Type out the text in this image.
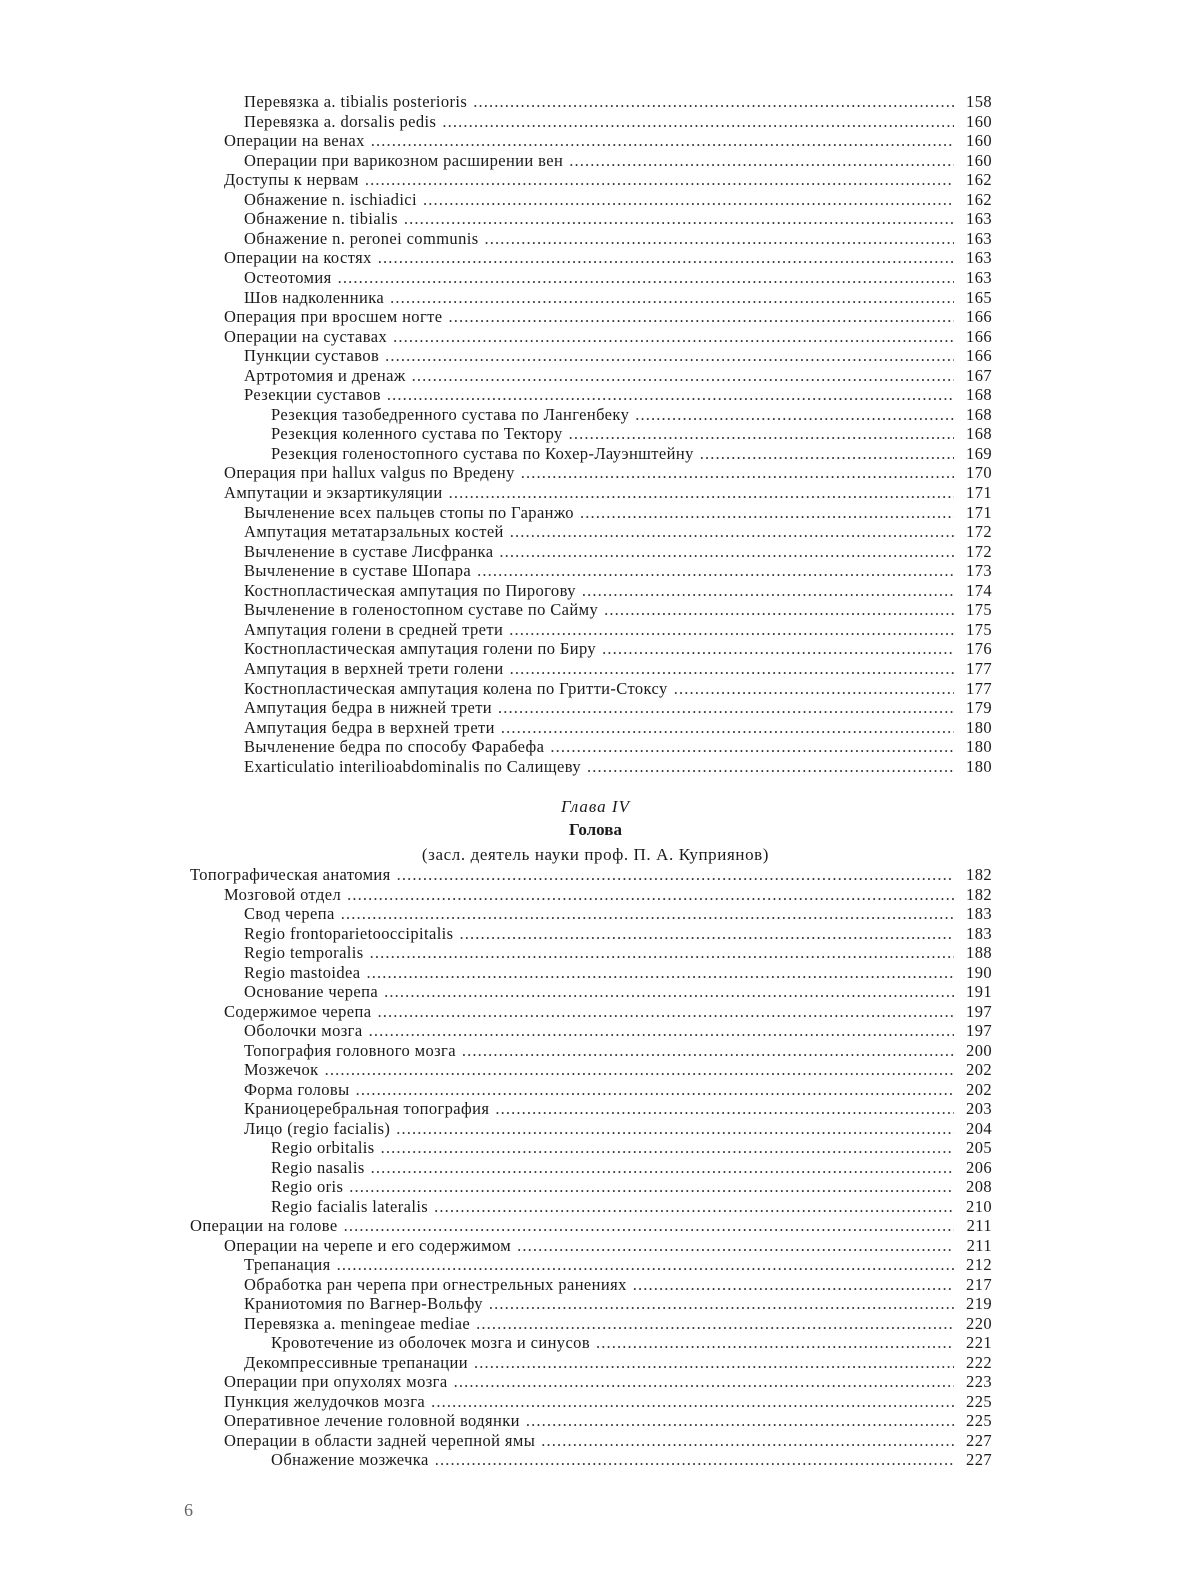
Перевязка a. tibialis posterioris . . .	158
Перевязка a. dorsalis pedis . . .	160
Операции на венах . . .	160
Операции при варикозном расширении вен . . .	160
Доступы к нервам . . .	162
Обнажение n. ischiadici . . .	162
Обнажение n. tibialis . . .	163
Обнажение n. peronei communis . . .	163
Операции на костях . . .	163
Остеотомия . . .	163
Шов надколенника . . .	165
Операция при вросшем ногте . . .	166
Операции на суставах . . .	166
Пункции суставов . . .	166
Артротомия и дренаж . . .	167
Резекции суставов . . .	168
Резекция тазобедренного сустава по Лангенбеку . . .	168
Резекция коленного сустава по Тектору . . .	168
Резекция голеностопного сустава по Кохер-Лауэнштейну . . .	169
Операция при hallux valgus по Вредену . . .	170
Ампутации и экзартикуляции . . .	171
Вычленение всех пальцев стопы по Гаранжо . . .	171
Ампутация метатарзальных костей . . .	172
Вычленение в суставе Лисфранка . . .	172
Вычленение в суставе Шопара . . .	173
Костнопластическая ампутация по Пирогову . . .	174
Вычленение в голеностопном суставе по Сайму . . .	175
Ампутация голени в средней трети . . .	175
Костнопластическая ампутация голени по Биру . . .	176
Ампутация в верхней трети голени . . .	177
Костнопластическая ампутация колена по Гритти-Стоксу . . .	177
Ампутация бедра в нижней трети . . .	179
Ампутация бедра в верхней трети . . .	180
Вычленение бедра по способу Фарабефа . . .	180
Exarticulatio interilioabdominalis по Салищеву . . .	180
Глава IV
Голова
(засл. деятель науки проф. П. А. Куприянов)
Топографическая анатомия . . .	182
Мозговой отдел . . .	182
Свод черепа . . .	183
Regio frontoparietooccipitalis . . .	183
Regio temporalis . . .	188
Regio mastoidea . . .	190
Основание черепа . . .	191
Содержимое черепа . . .	197
Оболочки мозга . . .	197
Топография головного мозга . . .	200
Мозжечок . . .	202
Форма головы . . .	202
Краниоцеребральная топография . . .	203
Лицо (regio facialis) . . .	204
Regio orbitalis . . .	205
Regio nasalis . . .	206
Regio oris . . .	208
Regio facialis lateralis . . .	210
Операции на голове . . .	211
Операции на черепе и его содержимом . . .	211
Трепанация . . .	212
Обработка ран черепа при огнестрельных ранениях . . .	217
Краниотомия по Вагнер-Вольфу . . .	219
Перевязка a. meningeae mediae . . .	220
Кровотечение из оболочек мозга и синусов . . .	221
Декомпрессивные трепанации . . .	222
Операции при опухолях мозга . . .	223
Пункция желудочков мозга . . .	225
Оперативное лечение головной водянки . . .	225
Операции в области задней черепной ямы . . .	227
Обнажение мозжечка . . .	227
6
